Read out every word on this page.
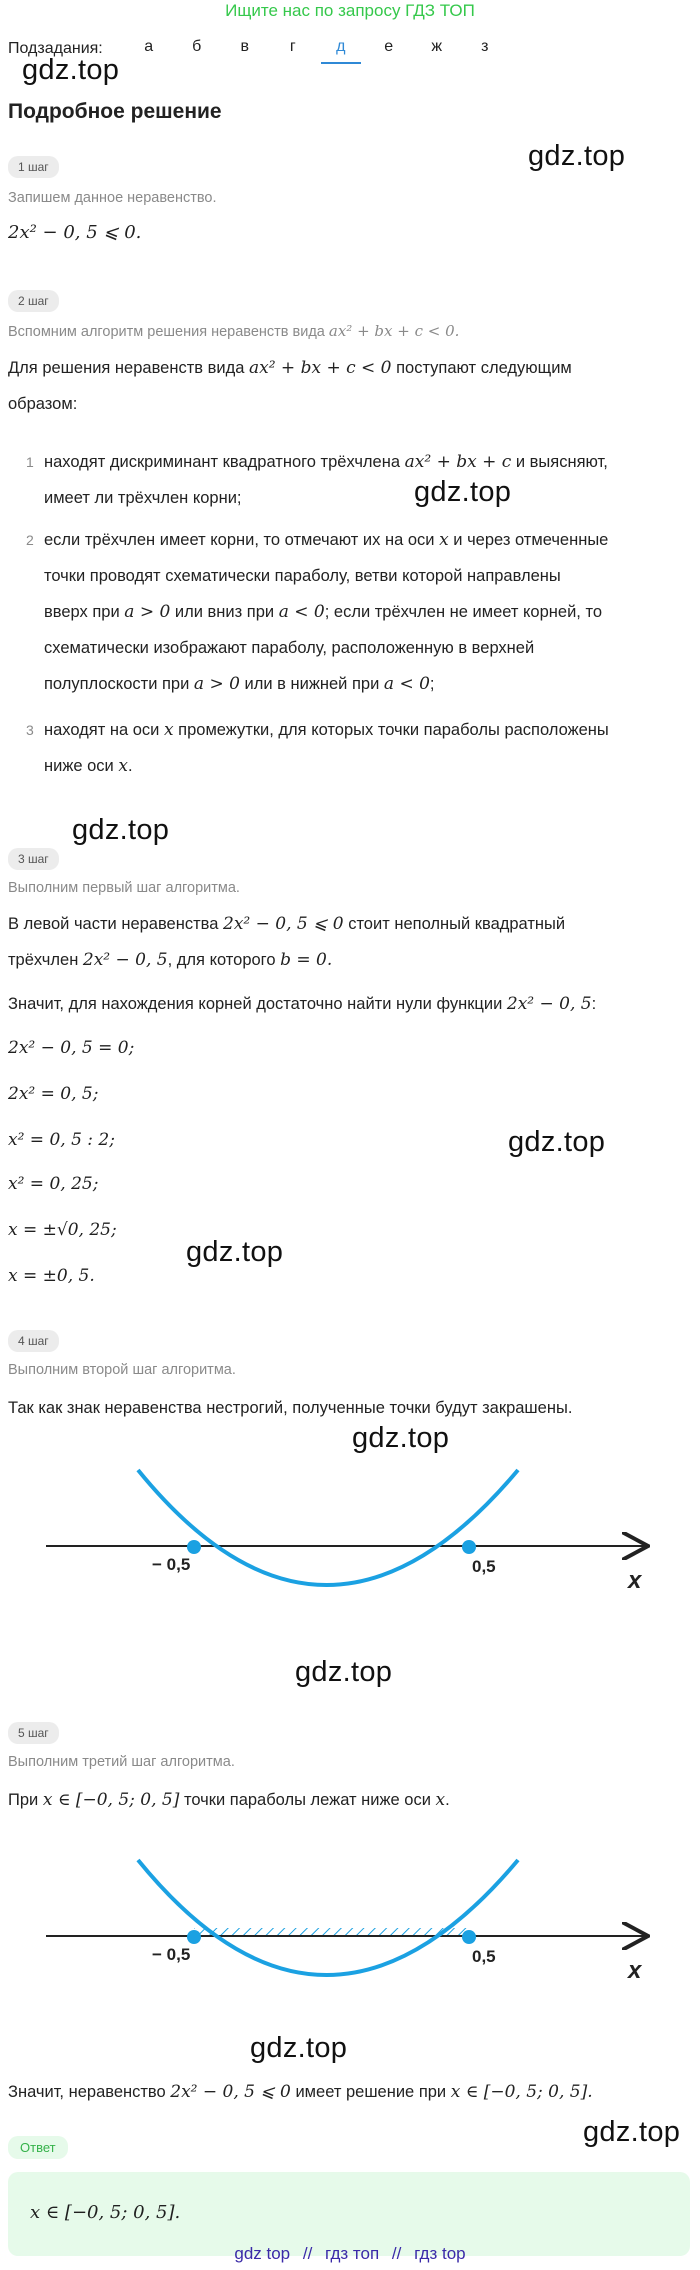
Ищите нас по запросу ГДЗ ТОП
Подзадания:	а	б	в	г	д	е	ж	з
gdz.top
gdz.top
gdz.top
gdz.top
gdz.top
gdz.top
gdz.top
gdz.top
gdz.top
gdz.top
Подробное решение
1 шаг
Запишем данное неравенство.
2x² − 0, 5 ⩽ 0.
2 шаг
Вспомним алгоритм решения неравенств вида ax² + bx + c < 0.
Для решения неравенств вида ax² + bx + c < 0 поступают следующим
образом:
1 находят дискриминант квадратного трёхчлена ax² + bx + c и выясняют,
имеет ли трёхчлен корни;
2 если трёхчлен имеет корни, то отмечают их на оси x и через отмеченные
точки проводят схематически параболу, ветви которой направлены
вверх при a > 0 или вниз при a < 0; если трёхчлен не имеет корней, то
схематически изображают параболу, расположенную в верхней
полуплоскости при a > 0 или в нижней при a < 0;
3 находят на оси x промежутки, для которых точки параболы расположены
ниже оси x.
3 шаг
Выполним первый шаг алгоритма.
В левой части неравенства 2x² − 0, 5 ⩽ 0 стоит неполный квадратный
трёхчлен 2x² − 0, 5, для которого b = 0.
Значит, для нахождения корней достаточно найти нули функции 2x² − 0, 5:
2x² − 0, 5 = 0;
2x² = 0, 5;
x² = 0, 5 : 2;
x² = 0, 25;
x = ±√0, 25;
x = ±0, 5.
4 шаг
Выполним второй шаг алгоритма.
Так как знак неравенства нестрогий, полученные точки будут закрашены.
− 0,5	0,5
x
5 шаг
Выполним третий шаг алгоритма.
При x ∈ [−0, 5; 0, 5] точки параболы лежат ниже оси x.
− 0,5	0,5
x
Значит, неравенство 2x² − 0, 5 ⩽ 0 имеет решение при x ∈ [−0, 5; 0, 5].
Ответ
x ∈ [−0, 5; 0, 5].
gdz top // гдз топ // гдз top
